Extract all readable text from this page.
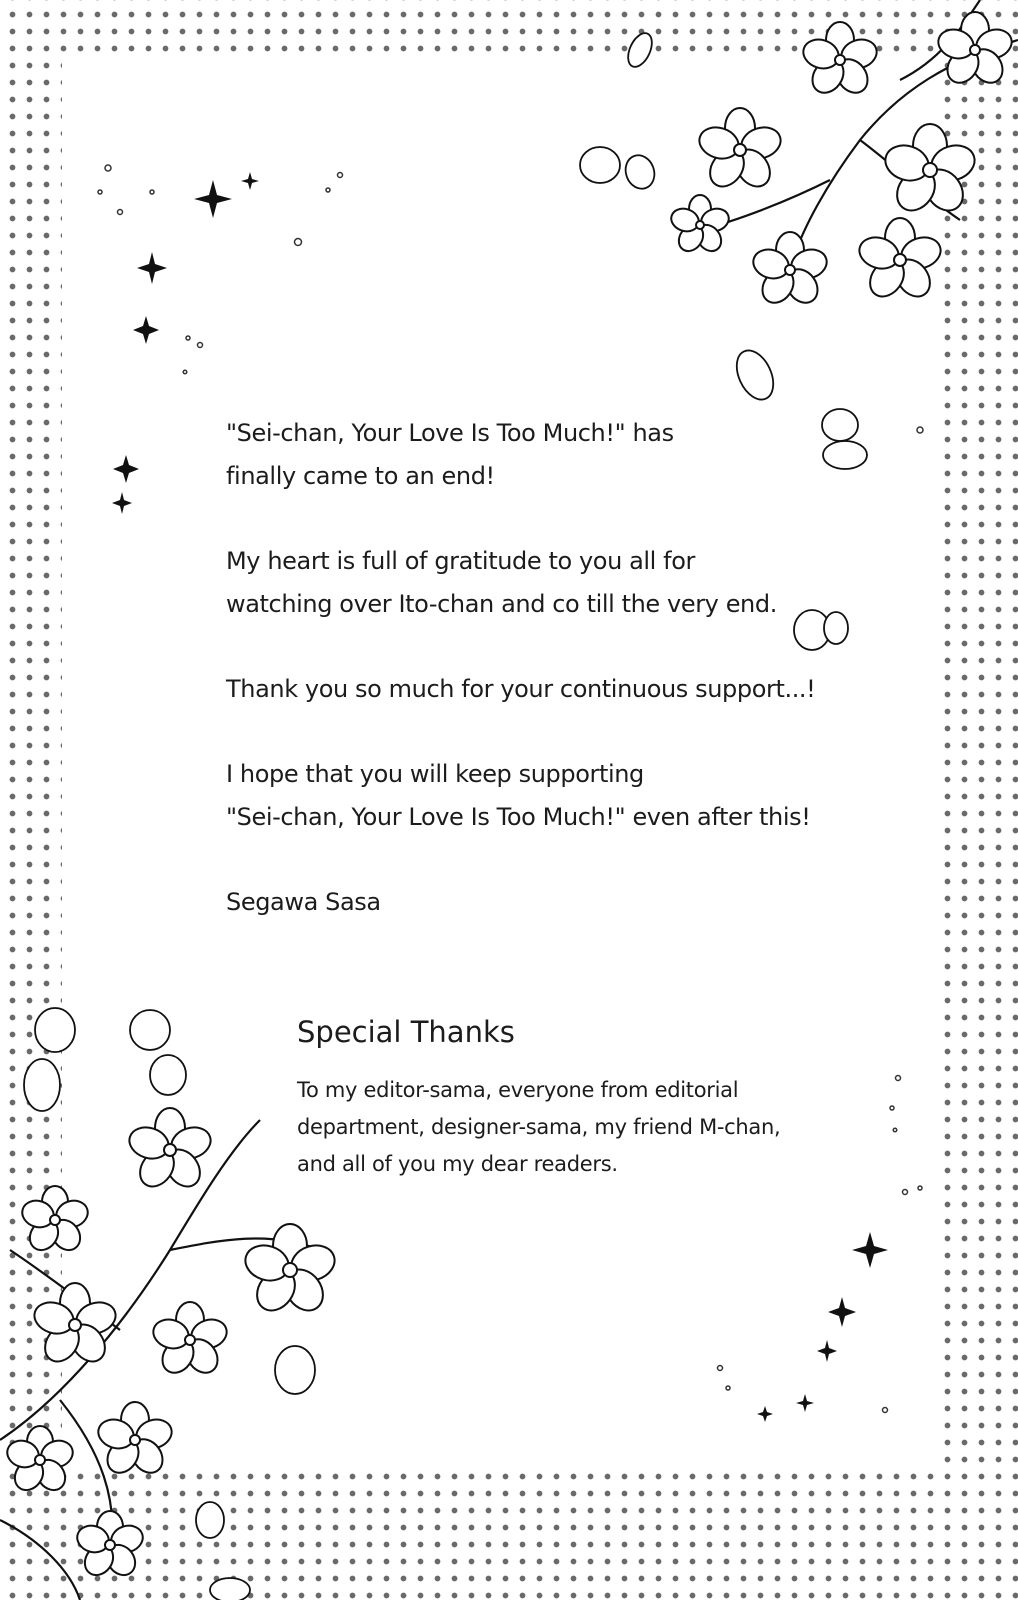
"Sei-chan, Your Love Is Too Much!" has
finally came to an end!

My heart is full of gratitude to you all for
watching over Ito-chan and co till the very end.

Thank you so much for your continuous support...!

I hope that you will keep supporting
"Sei-chan, Your Love Is Too Much!" even after this!

Segawa Sasa
Special Thanks

To my editor-sama, everyone from editorial
department, designer-sama, my friend M-chan,
and all of you my dear readers.
